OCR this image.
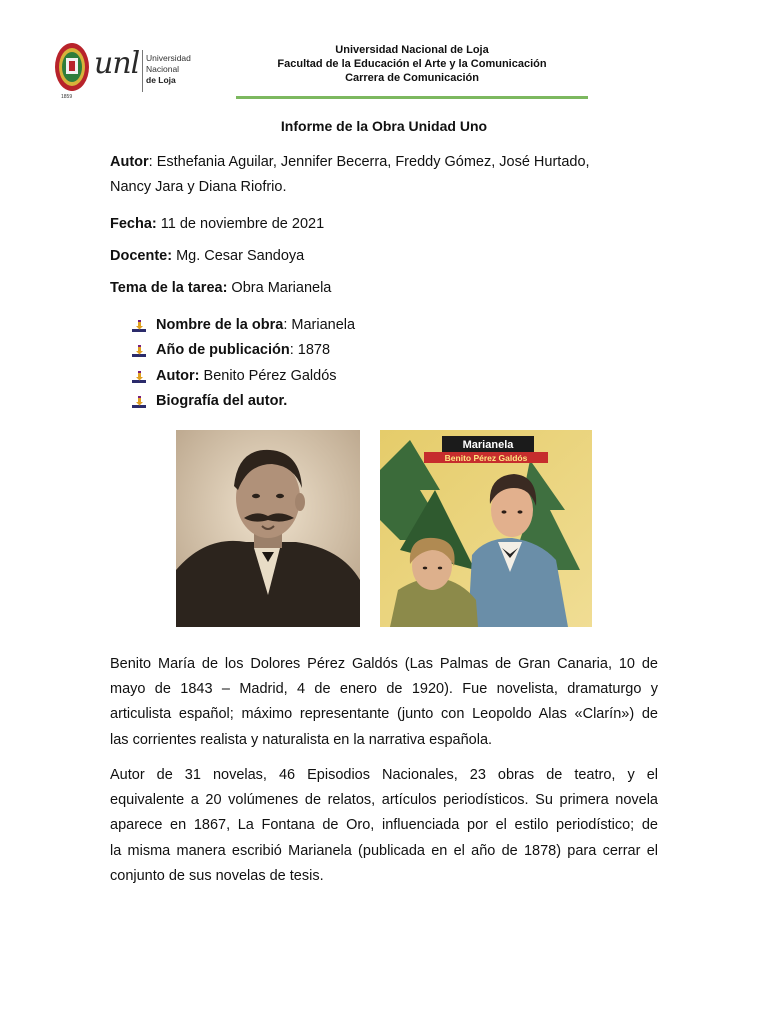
1859
unl Universidad
Nacional
de Loja
Universidad Nacional de Loja
Facultad de la Educación el Arte y la Comunicación
Carrera de Comunicación
Informe de la Obra Unidad Uno
Autor: Esthefania Aguilar, Jennifer Becerra, Freddy Gómez, José Hurtado,
Nancy Jara y Diana Riofrio.
Fecha: 11 de noviembre de 2021
Docente: Mg. Cesar Sandoya
Tema de la tarea: Obra Marianela
Nombre de la obra: Marianela
Año de publicación: 1878
Autor: Benito Pérez Galdós
Biografía del autor.
Marianela
Benito Pérez Galdós
Benito María de los Dolores Pérez Galdós (Las Palmas de Gran Canaria, 10 de
mayo de 1843 – Madrid, 4 de enero de 1920). Fue novelista, dramaturgo y
articulista español; máximo representante (junto con Leopoldo Alas «Clarín») de
las corrientes realista y naturalista en la narrativa española.
Autor de 31 novelas, 46 Episodios Nacionales, 23 obras de teatro, y el
equivalente a 20 volúmenes de relatos, artículos periodísticos. Su primera novela
aparece en 1867, La Fontana de Oro, influenciada por el estilo periodístico; de
la misma manera escribió Marianela (publicada en el año de 1878) para cerrar el
conjunto de sus novelas de tesis.
